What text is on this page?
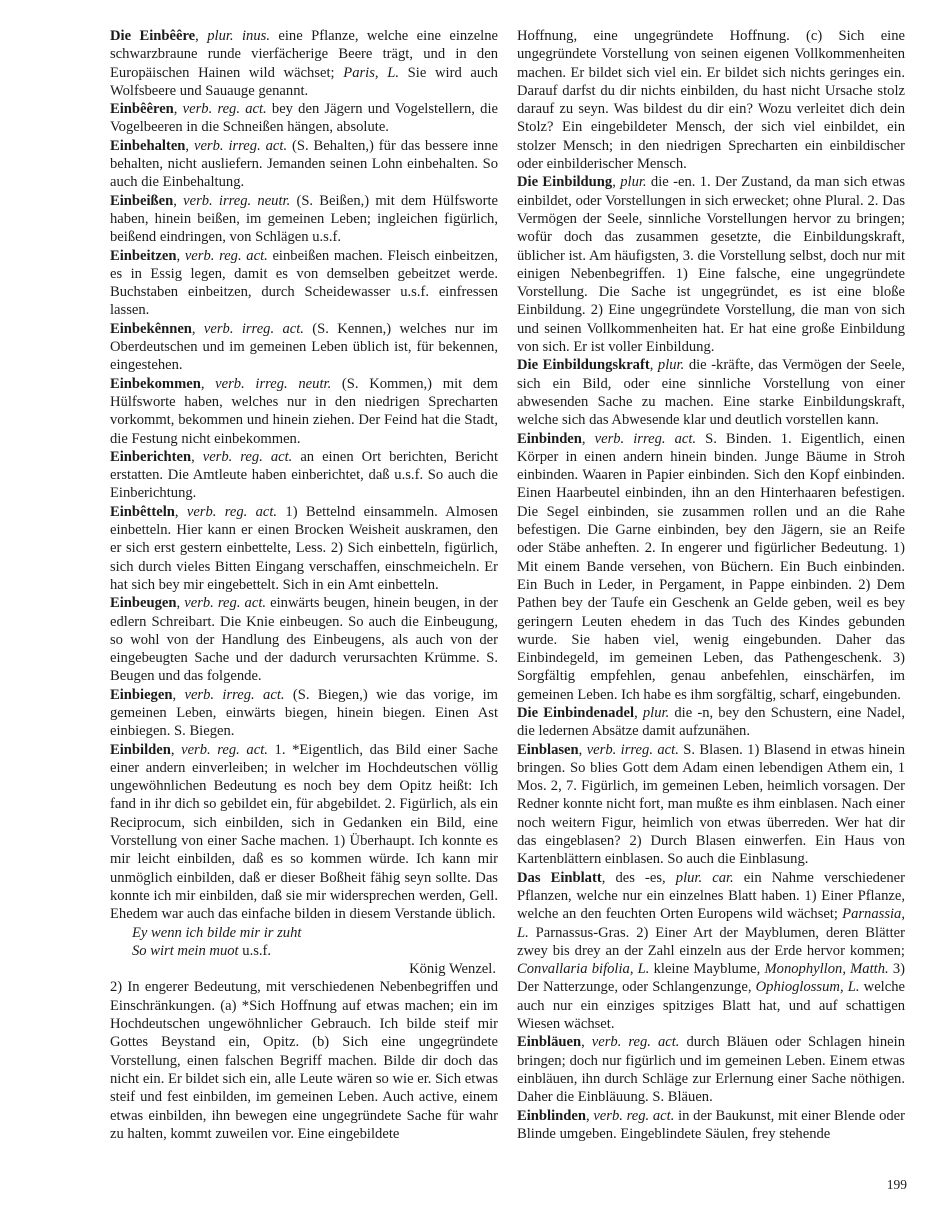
Die Einbêêre, plur. inus. eine Pflanze, welche eine einzelne schwarzbraune runde vierfächerige Beere trägt, und in den Europäischen Hainen wild wächset; Paris, L. Sie wird auch Wolfsbeere und Sauauge genannt.

Einbêêren, verb. reg. act. bey den Jägern und Vogelstellern, die Vogelbeeren in die Schneißen hängen, absolute.

Einbehalten, verb. irreg. act. (S. Behalten,) für das bessere inne behalten, nicht ausliefern. Jemanden seinen Lohn einbehalten. So auch die Einbehaltung.

Einbeißen, verb. irreg. neutr. (S. Beißen,) mit dem Hülfsworte haben, hinein beißen, im gemeinen Leben; ingleichen figürlich, beißend eindringen, von Schlägen u.s.f.

Einbeitzen, verb. reg. act. einbeißen machen. Fleisch einbeitzen, es in Essig legen, damit es von demselben gebeitzet werde. Buchstaben einbeitzen, durch Scheidewasser u.s.f. einfressen lassen.

Einbekênnen, verb. irreg. act. (S. Kennen,) welches nur im Oberdeutschen und im gemeinen Leben üblich ist, für bekennen, eingestehen.

Einbekommen, verb. irreg. neutr. (S. Kommen,) mit dem Hülfsworte haben, welches nur in den niedrigen Sprecharten vorkommt, bekommen und hinein ziehen. Der Feind hat die Stadt, die Festung nicht einbekommen.

Einberichten, verb. reg. act. an einen Ort berichten, Bericht erstatten. Die Amtleute haben einberichtet, daß u.s.f. So auch die Einberichtung.

Einbêtteln, verb. reg. act. 1) Bettelnd einsammeln. Almosen einbetteln. Hier kann er einen Brocken Weisheit auskramen, den er sich erst gestern einbettelte, Less. 2) Sich einbetteln, figürlich, sich durch vieles Bitten Eingang verschaffen, einschmeicheln. Er hat sich bey mir eingebettelt. Sich in ein Amt einbetteln.

Einbeugen, verb. reg. act. einwärts beugen, hinein beugen, in der edlern Schreibart. Die Knie einbeugen. So auch die Einbeugung, so wohl von der Handlung des Einbeugens, als auch von der eingebeugten Sache und der dadurch verursachten Krümme. S. Beugen und das folgende.

Einbiegen, verb. irreg. act. (S. Biegen,) wie das vorige, im gemeinen Leben, einwärts biegen, hinein biegen. Einen Ast einbiegen. S. Biegen.

Einbilden, verb. reg. act. 1. *Eigentlich, das Bild einer Sache einer andern einverleiben; in welcher im Hochdeutschen völlig ungewöhnlichen Bedeutung es noch bey dem Opitz heißt: Ich fand in ihr dich so gebildet ein, für abgebildet. 2. Figürlich, als ein Reciprocum, sich einbilden, sich in Gedanken ein Bild, eine Vorstellung von einer Sache machen. 1) Überhaupt. Ich konnte es mir leicht einbilden, daß es so kommen würde. Ich kann mir unmöglich einbilden, daß er dieser Boßheit fähig seyn sollte. Das konnte ich mir einbilden, daß sie mir widersprechen werden, Gell. Ehedem war auch das einfache bilden in diesem Verstande üblich.

Ey wenn ich bilde mir ir zuht

So wirt mein muot u.s.f.

König Wenzel.

2) In engerer Bedeutung, mit verschiedenen Nebenbegriffen und Einschränkungen. (a) *Sich Hoffnung auf etwas machen; ein im Hochdeutschen ungewöhnlicher Gebrauch. Ich bilde steif mir Gottes Beystand ein, Opitz. (b) Sich eine ungegründete Vorstellung, einen falschen Begriff machen. Bilde dir doch das nicht ein. Er bildet sich ein, alle Leute wären so wie er. Sich etwas steif und fest einbilden, im gemeinen Leben. Auch active, einem etwas einbilden, ihn bewegen eine ungegründete Sache für wahr zu halten, kommt zuweilen vor. Eine eingebildete

Hoffnung, eine ungegründete Hoffnung. (c) Sich eine ungegründete Vorstellung von seinen eigenen Vollkommenheiten machen. Er bildet sich viel ein. Er bildet sich nichts geringes ein. Darauf darfst du dir nichts einbilden, du hast nicht Ursache stolz darauf zu seyn. Was bildest du dir ein? Wozu verleitet dich dein Stolz? Ein eingebildeter Mensch, der sich viel einbildet, ein stolzer Mensch; in den niedrigen Sprecharten ein einbildischer oder einbilderischer Mensch.

Die Einbildung, plur. die -en. 1. Der Zustand, da man sich etwas einbildet, oder Vorstellungen in sich erwecket; ohne Plural. 2. Das Vermögen der Seele, sinnliche Vorstellungen hervor zu bringen; wofür doch das zusammen gesetzte, die Einbildungskraft, üblicher ist. Am häufigsten, 3. die Vorstellung selbst, doch nur mit einigen Nebenbegriffen. 1) Eine falsche, eine ungegründete Vorstellung. Die Sache ist ungegründet, es ist eine bloße Einbildung. 2) Eine ungegründete Vorstellung, die man von sich und seinen Vollkommenheiten hat. Er hat eine große Einbildung von sich. Er ist voller Einbildung.

Die Einbildungskraft, plur. die -kräfte, das Vermögen der Seele, sich ein Bild, oder eine sinnliche Vorstellung von einer abwesenden Sache zu machen. Eine starke Einbildungskraft, welche sich das Abwesende klar und deutlich vorstellen kann.

Einbinden, verb. irreg. act. S. Binden. 1. Eigentlich, einen Körper in einen andern hinein binden. Junge Bäume in Stroh einbinden. Waaren in Papier einbinden. Sich den Kopf einbinden. Einen Haarbeutel einbinden, ihn an den Hinterhaaren befestigen. Die Segel einbinden, sie zusammen rollen und an die Rahe befestigen. Die Garne einbinden, bey den Jägern, sie an Reife oder Stäbe anheften. 2. In engerer und figürlicher Bedeutung. 1) Mit einem Bande versehen, von Büchern. Ein Buch einbinden. Ein Buch in Leder, in Pergament, in Pappe einbinden. 2) Dem Pathen bey der Taufe ein Geschenk an Gelde geben, weil es bey geringern Leuten ehedem in das Tuch des Kindes gebunden wurde. Sie haben viel, wenig eingebunden. Daher das Einbindegeld, im gemeinen Leben, das Pathengeschenk. 3) Sorgfältig empfehlen, genau anbefehlen, einschärfen, im gemeinen Leben. Ich habe es ihm sorgfältig, scharf, eingebunden.

Die Einbindenadel, plur. die -n, bey den Schustern, eine Nadel, die ledernen Absätze damit aufzunähen.

Einblasen, verb. irreg. act. S. Blasen. 1) Blasend in etwas hinein bringen. So blies Gott dem Adam einen lebendigen Athem ein, 1 Mos. 2, 7. Figürlich, im gemeinen Leben, heimlich vorsagen. Der Redner konnte nicht fort, man mußte es ihm einblasen. Nach einer noch weitern Figur, heimlich von etwas überreden. Wer hat dir das eingeblasen? 2) Durch Blasen einwerfen. Ein Haus von Kartenblättern einblasen. So auch die Einblasung.

Das Einblatt, des -es, plur. car. ein Nahme verschiedener Pflanzen, welche nur ein einzelnes Blatt haben. 1) Einer Pflanze, welche an den feuchten Orten Europens wild wächset; Parnassia, L. Parnassus-Gras. 2) Einer Art der Mayblumen, deren Blätter zwey bis drey an der Zahl einzeln aus der Erde hervor kommen; Convallaria bifolia, L. kleine Mayblume, Monophyllon, Matth. 3) Der Natterzunge, oder Schlangenzunge, Ophioglossum, L. welche auch nur ein einziges spitziges Blatt hat, und auf schattigen Wiesen wächset.

Einbläuen, verb. reg. act. durch Bläuen oder Schlagen hinein bringen; doch nur figürlich und im gemeinen Leben. Einem etwas einbläuen, ihn durch Schläge zur Erlernung einer Sache nöthigen. Daher die Einbläuung. S. Bläuen.

Einblinden, verb. reg. act. in der Baukunst, mit einer Blende oder Blinde umgeben. Eingeblindete Säulen, frey stehende

199
